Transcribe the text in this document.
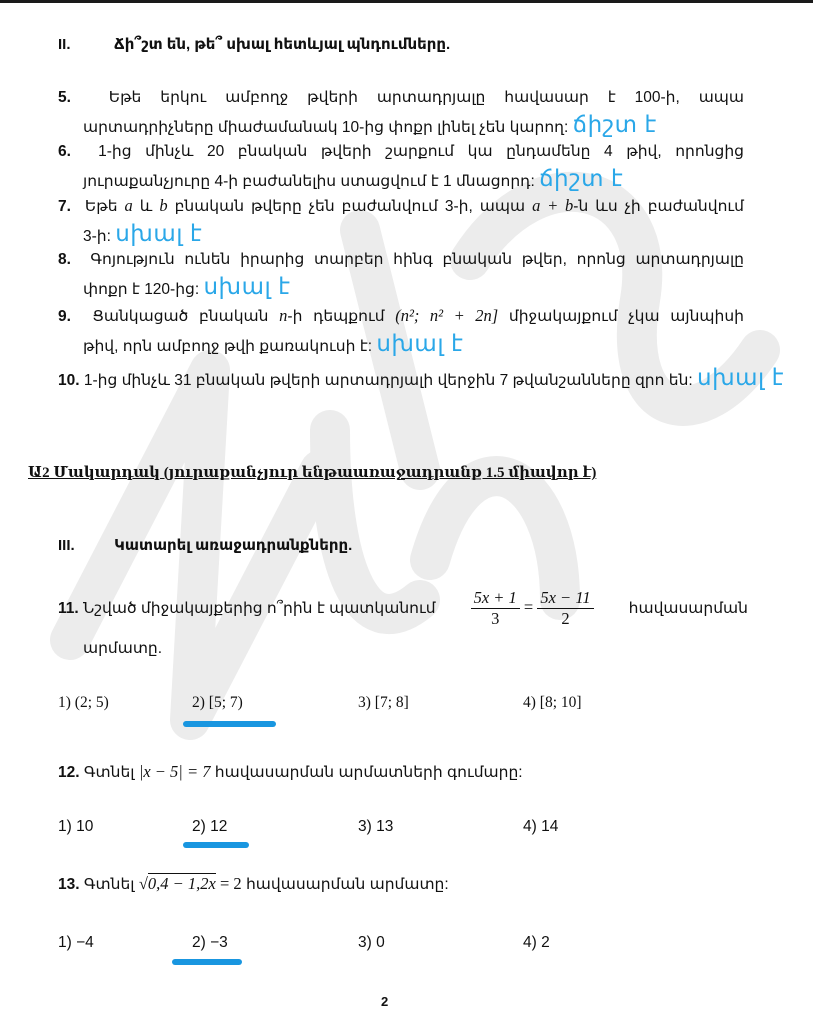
II.	Ճի՞շտ են, թե՞ սխալ հետևյալ պնդումները.
5. Եթե երկու ամբողջ թվերի արտադրյալը հավասար է 100-ի, ապա
արտադրիչները միաժամանակ 10-ից փոքր լինել չեն կարող: ճիշտ է
6. 1-ից մինչև 20 բնական թվերի շարքում կա ընդամենը 4 թիվ, որոնցից
յուրաքանչյուրը 4-ի բաժանելիս ստացվում է 1 մնացորդ: ճիշտ է
7. Եթե a և b բնական թվերը չեն բաժանվում 3-ի, ապա a + b-ն ևս չի բաժանվում
3-ի: սխալ է
8. Գոյություն ունեն իրարից տարբեր հինգ բնական թվեր, որոնց արտադրյալը
փոքր է 120-ից: սխալ է
9. Ցանկացած բնական n-ի դեպքում (n²; n² + 2n] միջակայքում չկա այնպիսի
թիվ, որն ամբողջ թվի քառակուսի է: սխալ է
10. 1-ից մինչև 31 բնական թվերի արտադրյալի վերջին 7 թվանշանները զրո են: սխալ է
Ա2 Մակարդակ (յուրաքանչյուր ենթաառաջադրանք 1.5 միավոր է)
III.	Կատարել առաջադրանքները.
11. Նշված միջակայքերից ո՞րին է պատկանում $\frac{5x + 1}{3} = \frac{5x - 11}{2}$ հավասարման
արմատը.
1) (2; 5)	2) [5; 7)	3) [7; 8]	4) [8; 10]
12. Գտնել |x − 5| = 7 հավասարման արմատների գումարը:
1) 10	2) 12	3) 13	4) 14
13. Գտնել √0,4 − 1,2x = 2 հավասարման արմատը:
1) −4	2) −3	3) 0	4) 2
2
